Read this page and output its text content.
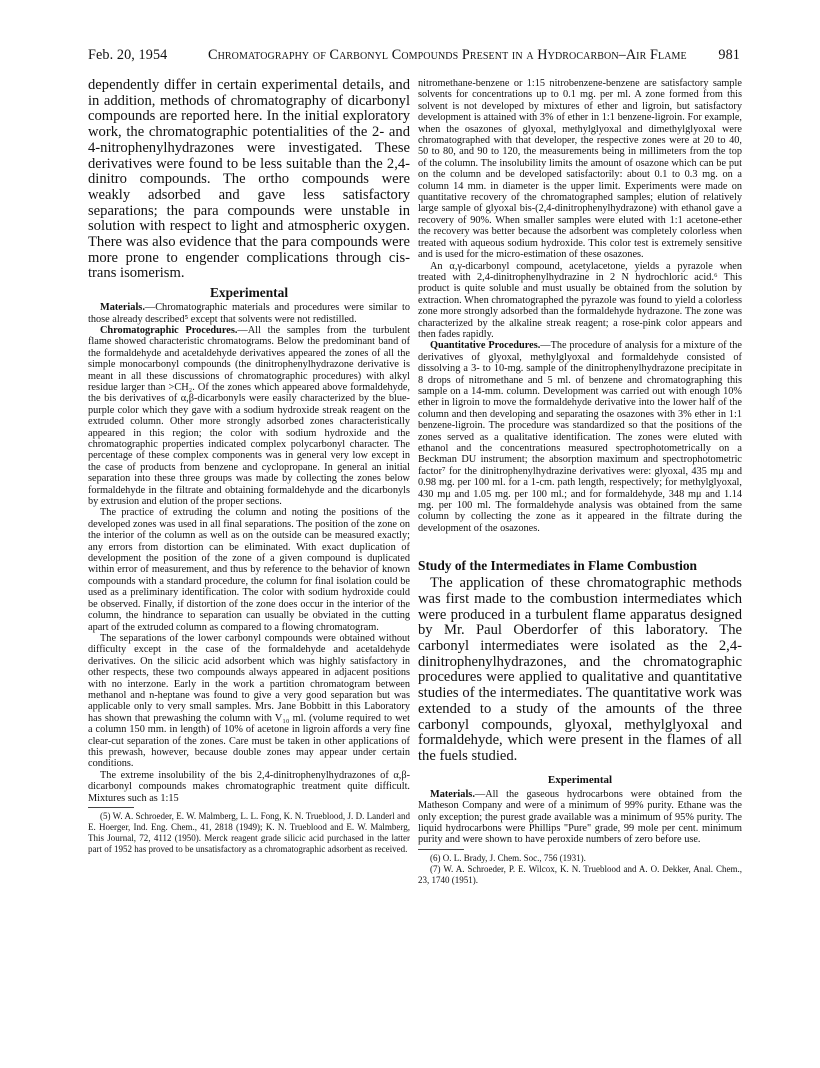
Feb. 20, 1954	Chromatography of Carbonyl Compounds Present in a Hydrocarbon–Air Flame 981

dependently differ in certain experimental details, and in addition, methods of chromatography of dicarbonyl compounds are reported here. In the initial exploratory work, the chromatographic potentialities of the 2- and 4-nitrophenylhydrazones were investigated. These derivatives were found to be less suitable than the 2,4-dinitro compounds. The ortho compounds were weakly adsorbed and gave less satisfactory separations; the para compounds were unstable in solution with respect to light and atmospheric oxygen. There was also evidence that the para compounds were more prone to engender complications through cis-trans isomerism.

Experimental

Materials.—Chromatographic materials and procedures were similar to those already described⁵ except that solvents were not redistilled.

Chromatographic Procedures.—All the samples from the turbulent flame showed characteristic chromatograms. Below the predominant band of the formaldehyde and acetaldehyde derivatives appeared the zones of all the simple monocarbonyl compounds (the dinitrophenylhydrazone derivative is meant in all these discussions of chromatographic procedures) with alkyl residue larger than >CH₂. Of the zones which appeared above formaldehyde, the bis derivatives of α,β-dicarbonyls were easily characterized by the blue-purple color which they gave with a sodium hydroxide streak reagent on the extruded column. Other more strongly adsorbed zones characteristically appeared in this region; the color with sodium hydroxide and the chromatographic properties indicated complex polycarbonyl character. The percentage of these complex components was in general very low except in the case of products from benzene and cyclopropane. In general an initial separation into these three groups was made by collecting the zones below formaldehyde in the filtrate and obtaining formaldehyde and the dicarbonyls by extrusion and elution of the proper sections.

The practice of extruding the column and noting the positions of the developed zones was used in all final separations. The position of the zone on the interior of the column as well as on the outside can be measured exactly; any errors from distortion can be eliminated. With exact duplication of development the position of the zone of a given compound is duplicated within error of measurement, and thus by reference to the behavior of known compounds with a standard procedure, the column for final isolation could be used as a preliminary identification. The color with sodium hydroxide could be observed. Finally, if distortion of the zone does occur in the interior of the column, the hindrance to separation can usually be obviated in the cutting apart of the extruded column as compared to a flowing chromatogram.

The separations of the lower carbonyl compounds were obtained without difficulty except in the case of the formaldehyde and acetaldehyde derivatives. On the silicic acid adsorbent which was highly satisfactory in other respects, these two compounds always appeared in adjacent positions with no interzone. Early in the work a partition chromatogram between methanol and n-heptane was found to give a very good separation but was applicable only to very small samples. Mrs. Jane Bobbitt in this Laboratory has shown that prewashing the column with V₁₀ ml. (volume required to wet a column 150 mm. in length) of 10% of acetone in ligroin affords a very fine clear-cut separation of the zones. Care must be taken in other applications of this prewash, however, because double zones may appear under certain conditions.

The extreme insolubility of the bis 2,4-dinitrophenylhydrazones of α,β-dicarbonyl compounds makes chromatographic treatment quite difficult. Mixtures such as 1:15

(5) W. A. Schroeder, E. W. Malmberg, L. L. Fong, K. N. Trueblood, J. D. Landerl and E. Hoerger, Ind. Eng. Chem., 41, 2818 (1949); K. N. Trueblood and E. W. Malmberg, This Journal, 72, 4112 (1950). Merck reagent grade silicic acid purchased in the latter part of 1952 has proved to be unsatisfactory as a chromatographic adsorbent as received.

nitromethane-benzene or 1:15 nitrobenzene-benzene are satisfactory sample solvents for concentrations up to 0.1 mg. per ml. A zone formed from this solvent is not developed by mixtures of ether and ligroin, but satisfactory development is attained with 3% of ether in 1:1 benzene-ligroin. For example, when the osazones of glyoxal, methylglyoxal and dimethylglyoxal were chromatographed with that developer, the respective zones were at 20 to 40, 50 to 80, and 90 to 120, the measurements being in millimeters from the top of the column. The insolubility limits the amount of osazone which can be put on the column and be developed satisfactorily: about 0.1 to 0.3 mg. on a column 14 mm. in diameter is the upper limit. Experiments were made on quantitative recovery of the chromatographed samples; elution of relatively large sample of glyoxal bis-(2,4-dinitrophenylhydrazone) with ethanol gave a recovery of 90%. When smaller samples were eluted with 1:1 acetone-ether the recovery was better because the adsorbent was completely colorless when treated with aqueous sodium hydroxide. This color test is extremely sensitive and is used for the micro-estimation of these osazones.

An α,γ-dicarbonyl compound, acetylacetone, yields a pyrazole when treated with 2,4-dinitrophenylhydrazine in 2 N hydrochloric acid.⁶ This product is quite soluble and must usually be obtained from the solution by extraction. When chromatographed the pyrazole was found to yield a colorless zone more strongly adsorbed than the formaldehyde hydrazone. The zone was characterized by the alkaline streak reagent; a rose-pink color appears and then fades rapidly.

Quantitative Procedures.—The procedure of analysis for a mixture of the derivatives of glyoxal, methylglyoxal and formaldehyde consisted of dissolving a 3- to 10-mg. sample of the dinitrophenylhydrazone precipitate in 8 drops of nitromethane and 5 ml. of benzene and chromatographing this sample on a 14-mm. column. Development was carried out with enough 10% ether in ligroin to move the formaldehyde derivative into the lower half of the column and then developing and separating the osazones with 3% ether in 1:1 benzene-ligroin. The procedure was standardized so that the positions of the zones served as a qualitative identification. The zones were eluted with ethanol and the concentrations measured spectrophotometrically on a Beckman DU instrument; the absorption maximum and spectrophotometric factor⁷ for the dinitrophenylhydrazine derivatives were: glyoxal, 435 mμ and 0.98 mg. per 100 ml. for a 1-cm. path length, respectively; for methylglyoxal, 430 mμ and 1.05 mg. per 100 ml.; and for formaldehyde, 348 mμ and 1.14 mg. per 100 ml. The formaldehyde analysis was obtained from the same column by collecting the zone as it appeared in the filtrate during the development of the osazones.

Study of the Intermediates in Flame Combustion

The application of these chromatographic methods was first made to the combustion intermediates which were produced in a turbulent flame apparatus designed by Mr. Paul Oberdorfer of this laboratory. The carbonyl intermediates were isolated as the 2,4-dinitrophenylhydrazones, and the chromatographic procedures were applied to qualitative and quantitative studies of the intermediates. The quantitative work was extended to a study of the amounts of the three carbonyl compounds, glyoxal, methylglyoxal and formaldehyde, which were present in the flames of all the fuels studied.

Experimental

Materials.—All the gaseous hydrocarbons were obtained from the Matheson Company and were of a minimum of 99% purity. Ethane was the only exception; the purest grade available was a minimum of 95% purity. The liquid hydrocarbons were Phillips "Pure" grade, 99 mole per cent. minimum purity and were shown to have peroxide numbers of zero before use.

(6) O. L. Brady, J. Chem. Soc., 756 (1931).

(7) W. A. Schroeder, P. E. Wilcox, K. N. Trueblood and A. O. Dekker, Anal. Chem., 23, 1740 (1951).
